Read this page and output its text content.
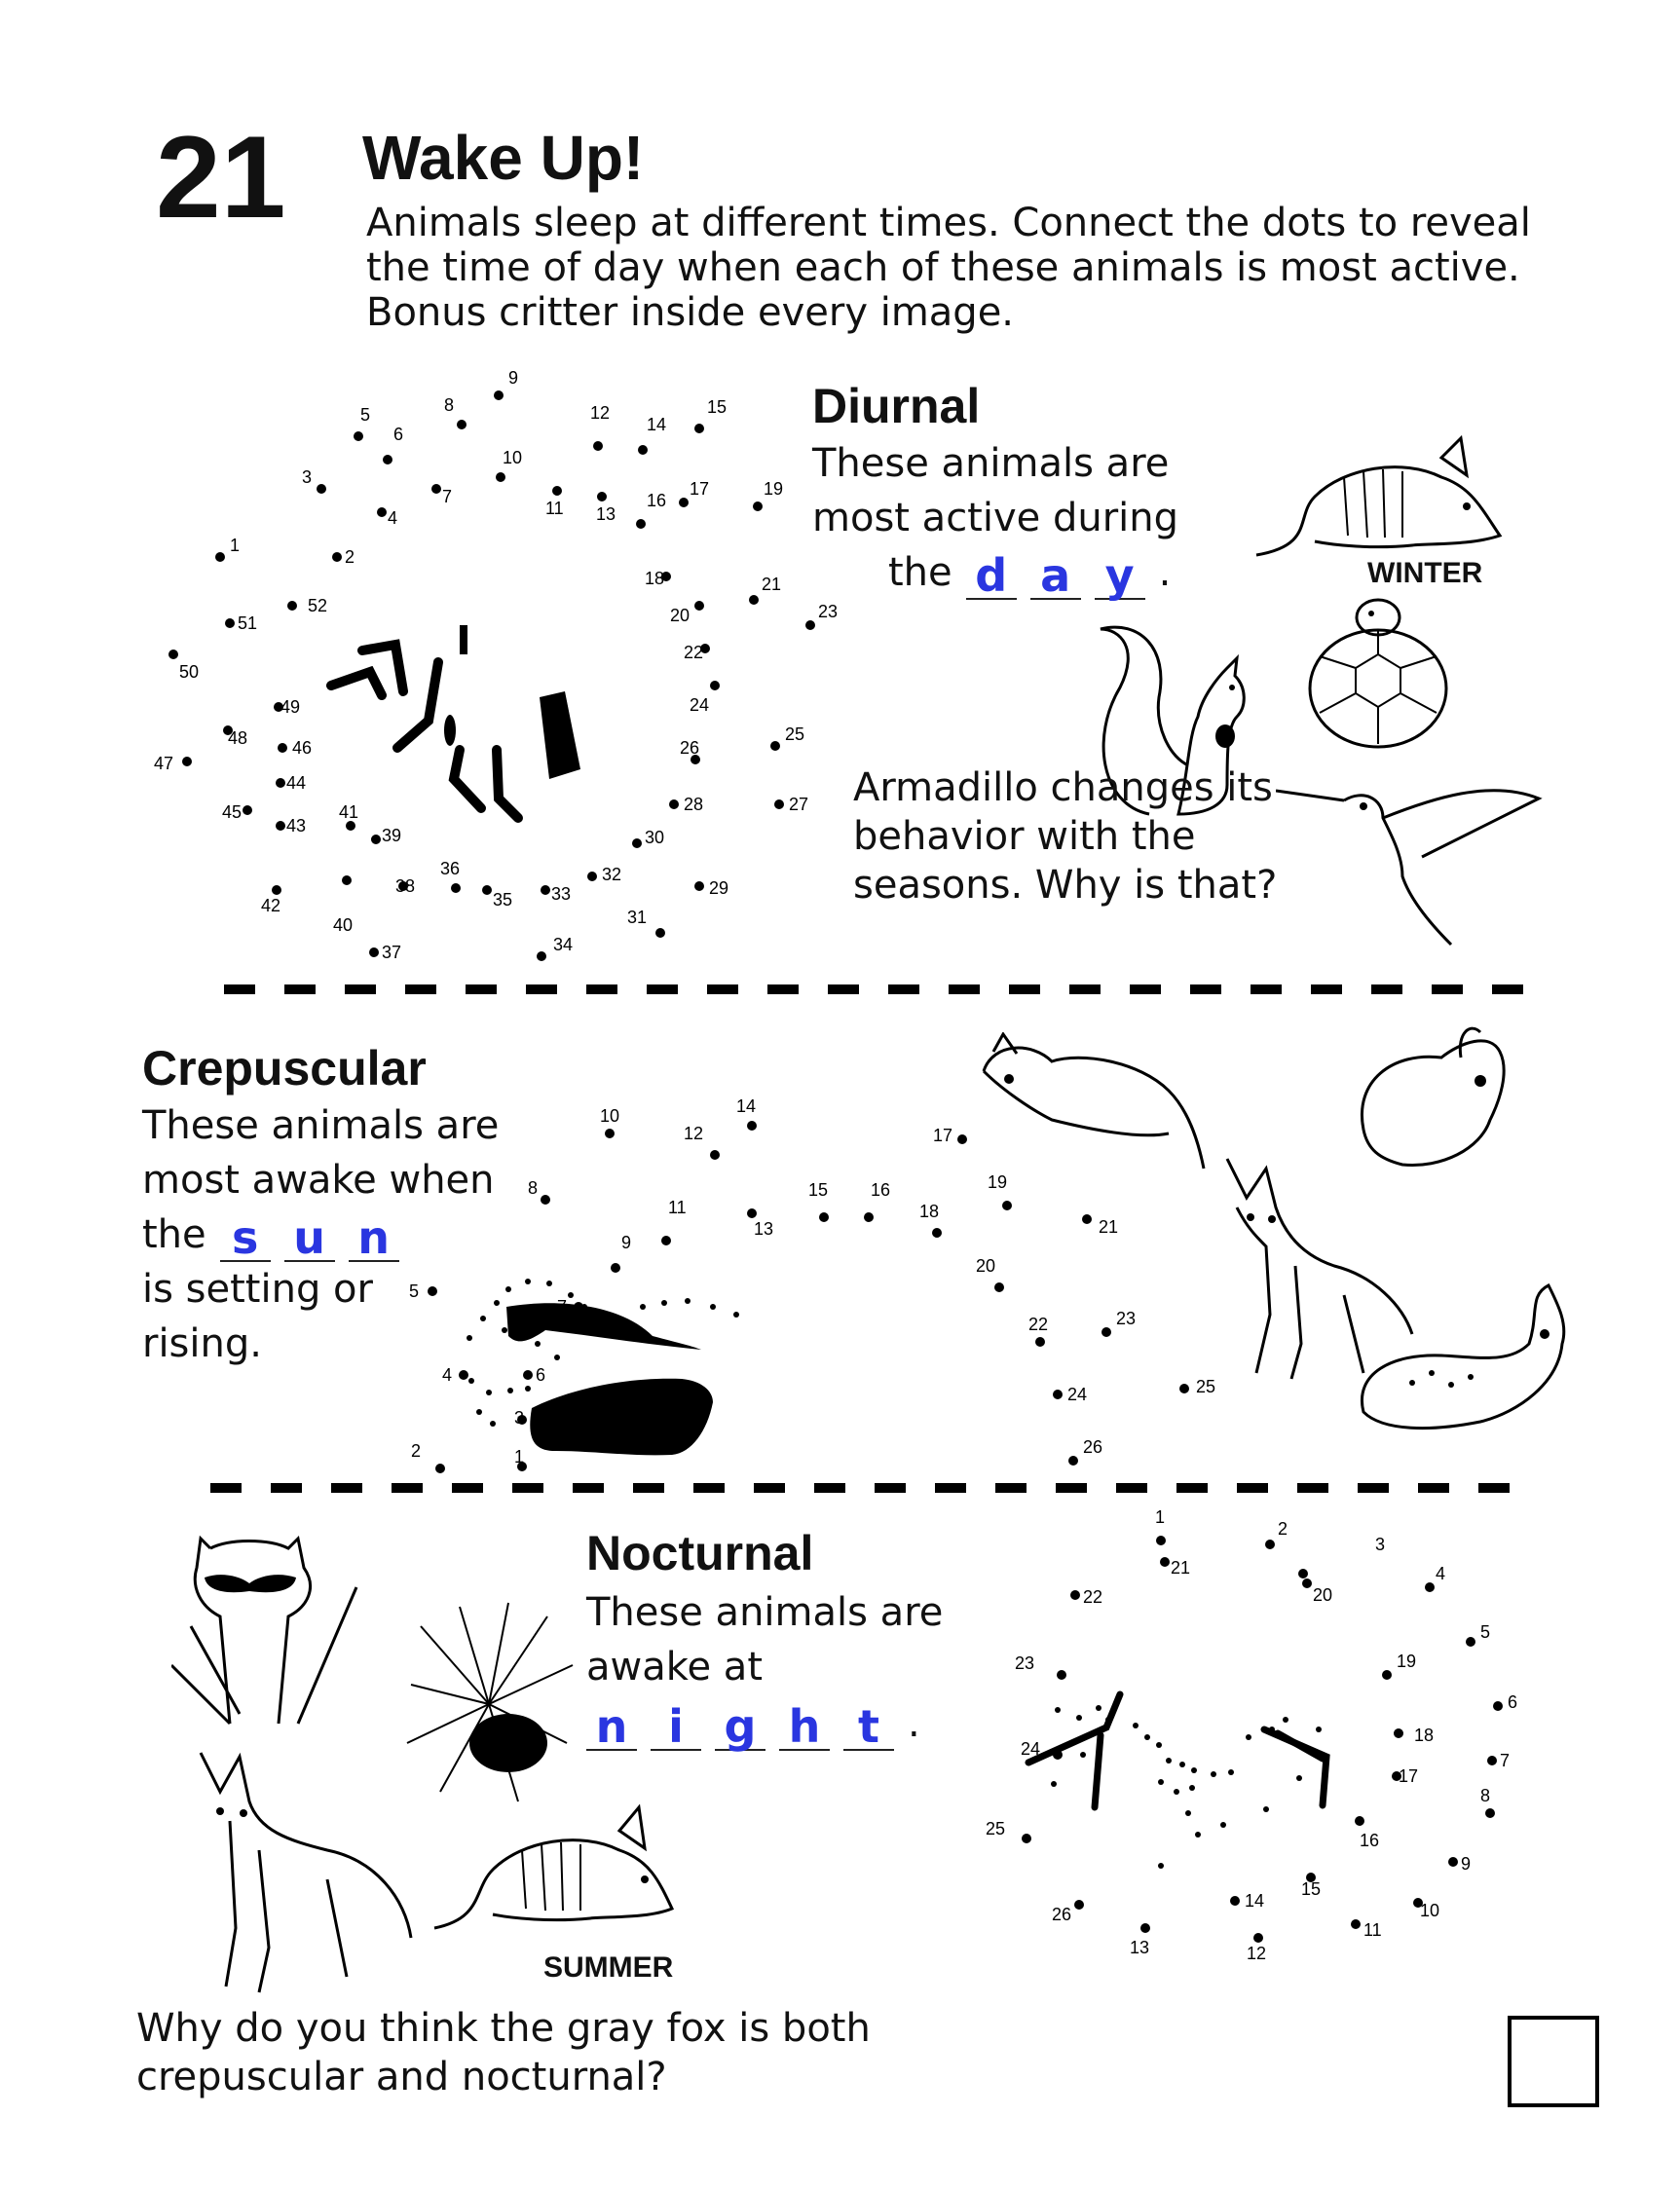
21 Wake Up!
Animals sleep at different times. Connect the dots to reveal the time of day when each of these animals is most active. Bonus critter inside every image.
1
2
3
4
5
6
7
8
9
10
11
12
13
14
15
16
17
18
19
20
21
22
23
24
25
26
27
28
29
30
31
32
33
34
35
36
37
38
39
40
41
42
43
44
45
46
47
48
49
50
51
52
Diurnal
These animals are
most active during
the d a y .	WINTER
Armadillo changes its behavior with the seasons. Why is that?
Crepuscular
These animals are
most awake when
the s u n
is setting or
rising.
1
2
3
4
5
6
8
9
10
11
12
13
14
15 16
17
18
19
20
21
22	23
24	25
26
Nocturnal
These animals are
awake at
n i g h t .
SUMMER
1
2
3
4
5
6
7
8
9
10
11
12
13
14
15
16
17
18
19
20
21
22
23
24
25
26
Why do you think the gray fox is both crepuscular and nocturnal?
